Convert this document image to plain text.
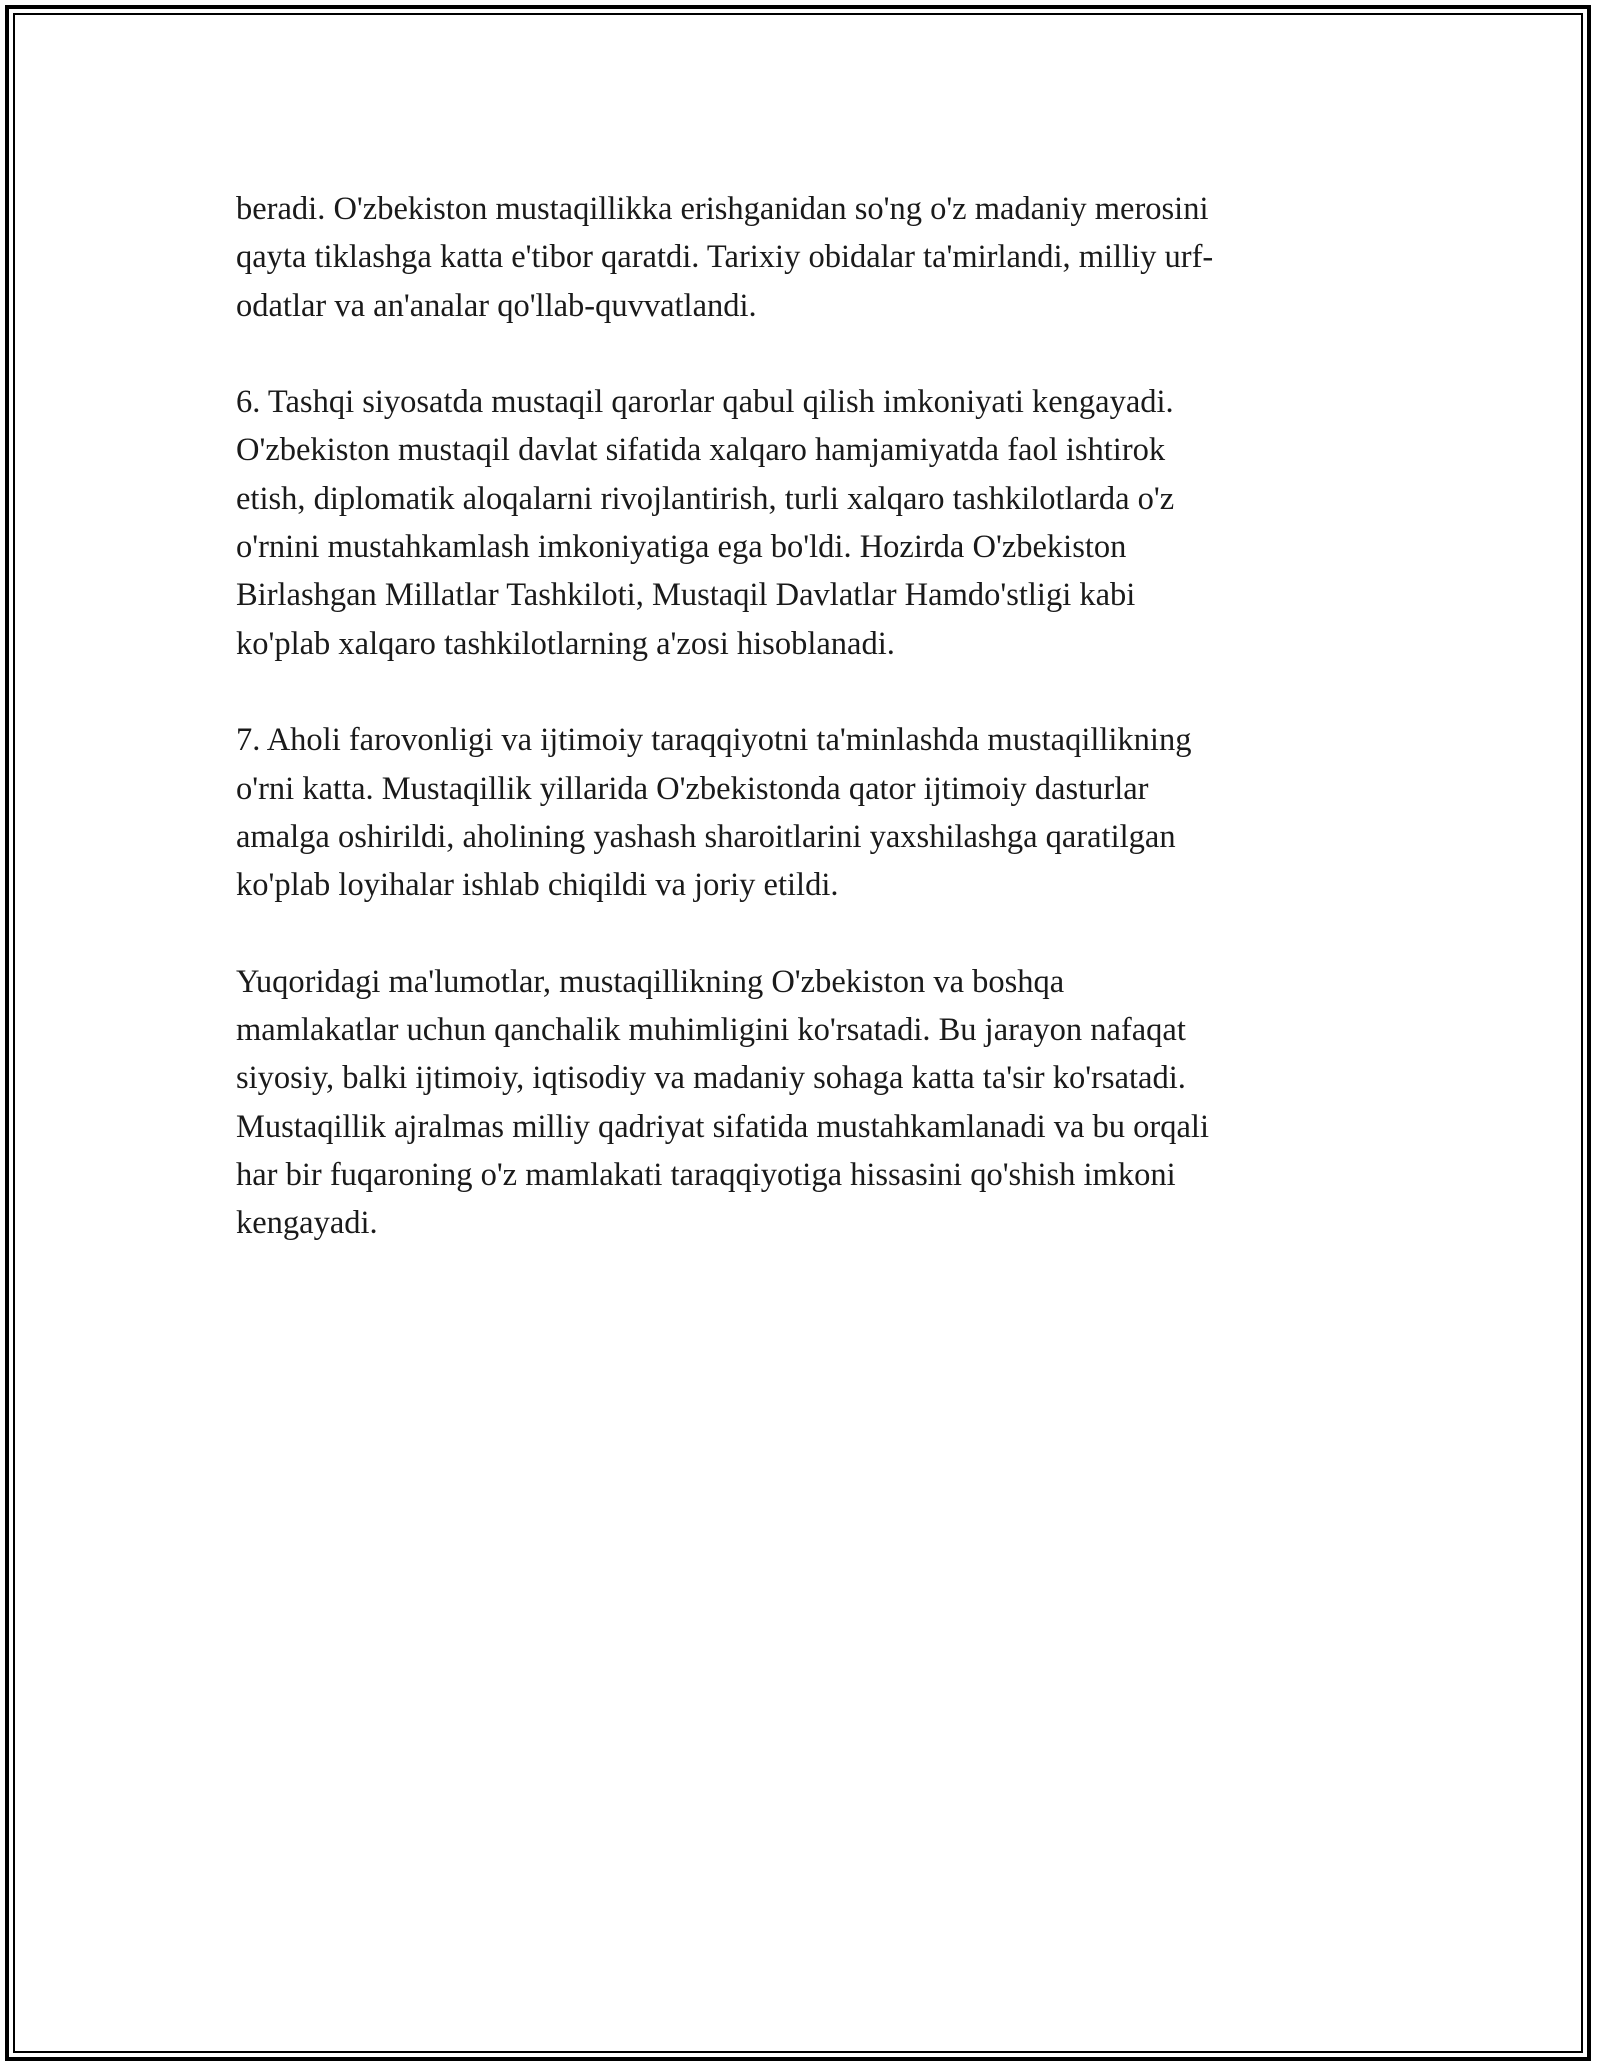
beradi. O'zbekiston mustaqillikka erishganidan so'ng o'z madaniy merosini
qayta tiklashga katta e'tibor qaratdi. Tarixiy obidalar ta'mirlandi, milliy urf-
odatlar va an'analar qo'llab-quvvatlandi.

6. Tashqi siyosatda mustaqil qarorlar qabul qilish imkoniyati kengayadi.
O'zbekiston mustaqil davlat sifatida xalqaro hamjamiyatda faol ishtirok
etish, diplomatik aloqalarni rivojlantirish, turli xalqaro tashkilotlarda o'z
o'rnini mustahkamlash imkoniyatiga ega bo'ldi. Hozirda O'zbekiston
Birlashgan Millatlar Tashkiloti, Mustaqil Davlatlar Hamdo'stligi kabi
ko'plab xalqaro tashkilotlarning a'zosi hisoblanadi.

7. Aholi farovonligi va ijtimoiy taraqqiyotni ta'minlashda mustaqillikning
o'rni katta. Mustaqillik yillarida O'zbekistonda qator ijtimoiy dasturlar
amalga oshirildi, aholining yashash sharoitlarini yaxshilashga qaratilgan
ko'plab loyihalar ishlab chiqildi va joriy etildi.

Yuqoridagi ma'lumotlar, mustaqillikning O'zbekiston va boshqa
mamlakatlar uchun qanchalik muhimligini ko'rsatadi. Bu jarayon nafaqat
siyosiy, balki ijtimoiy, iqtisodiy va madaniy sohaga katta ta'sir ko'rsatadi.
Mustaqillik ajralmas milliy qadriyat sifatida mustahkamlanadi va bu orqali
har bir fuqaroning o'z mamlakati taraqqiyotiga hissasini qo'shish imkoni
kengayadi.
